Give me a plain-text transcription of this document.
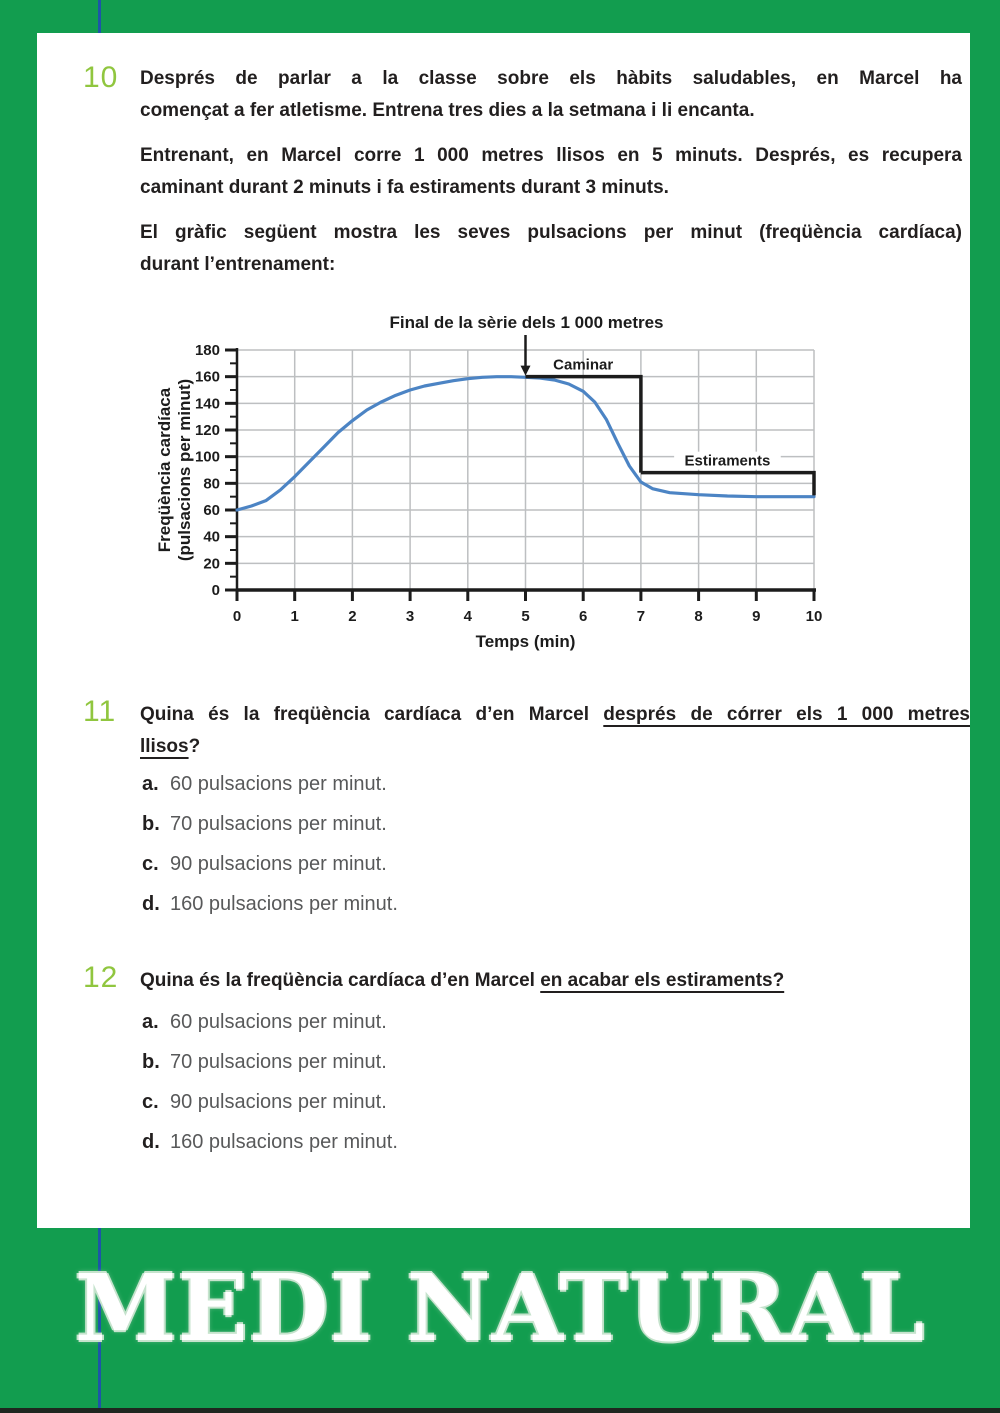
10 Després de parlar a la classe sobre els hàbits saludables, en Marcel ha
començat a fer atletisme. Entrena tres dies a la setmana i li encanta.
Entrenant, en Marcel corre 1 000 metres llisos en 5 minuts. Després, es recupera
caminant durant 2 minuts i fa estiraments durant 3 minuts.
El gràfic següent mostra les seves pulsacions per minut (freqüència cardíaca)
durant l’entrenament:
0
20
40
60
80
100
120
140
160
180
0	1	2	3	4	5	6	7	8	9	10
Temps (min)
Freqüència cardíaca (pulsacions per minut)
Caminar
Estiraments
Final de la sèrie dels 1 000 metres
11 Quina és la freqüència cardíaca d’en Marcel després de córrer els 1 000 metres
llisos?
a. 60 pulsacions per minut.
b. 70 pulsacions per minut.
c. 90 pulsacions per minut.
d. 160 pulsacions per minut.
12 Quina és la freqüència cardíaca d’en Marcel en acabar els estiraments?
a. 60 pulsacions per minut.
b. 70 pulsacions per minut.
c. 90 pulsacions per minut.
d. 160 pulsacions per minut.
MEDI NATURAL
